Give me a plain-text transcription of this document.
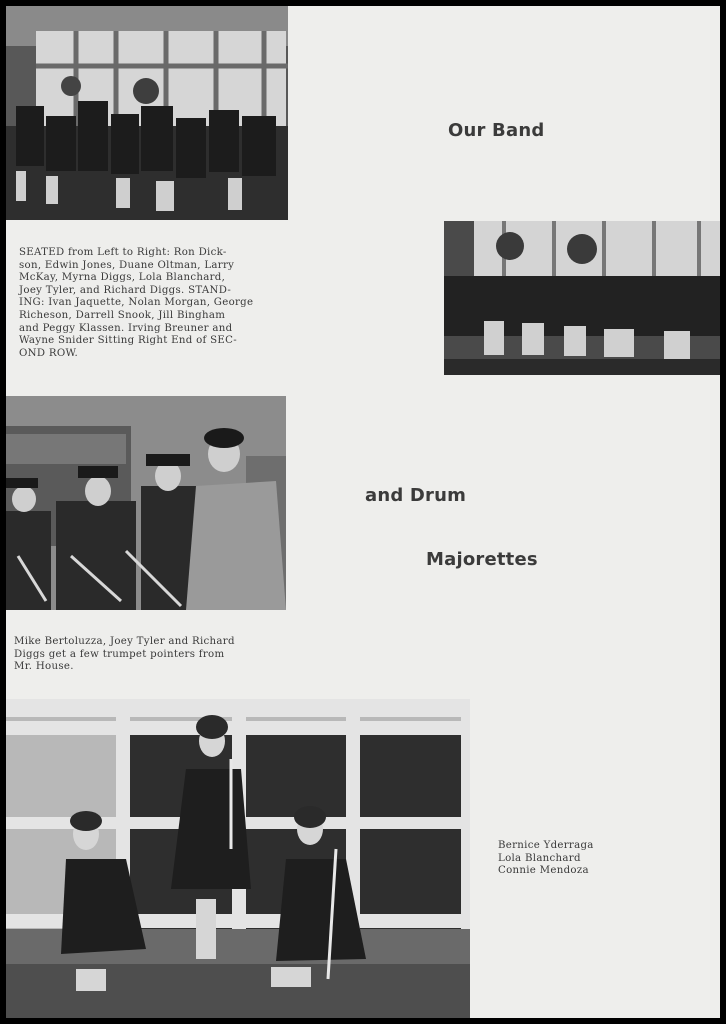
Our Band
SEATED from Left to Right: Ron Dick-
son, Edwin Jones, Duane Oltman, Larry
McKay, Myrna Diggs, Lola Blanchard,
Joey Tyler, and Richard Diggs. STAND-
ING: Ivan Jaquette, Nolan Morgan, George
Richeson, Darrell Snook, Jill Bingham
and Peggy Klassen. Irving Breuner and
Wayne Snider Sitting Right End of SEC-
OND ROW.
and Drum
Majorettes
Mike Bertoluzza, Joey Tyler and Richard
Diggs get a few trumpet pointers from
Mr. House.
Bernice Yderraga
Lola Blanchard
Connie Mendoza
